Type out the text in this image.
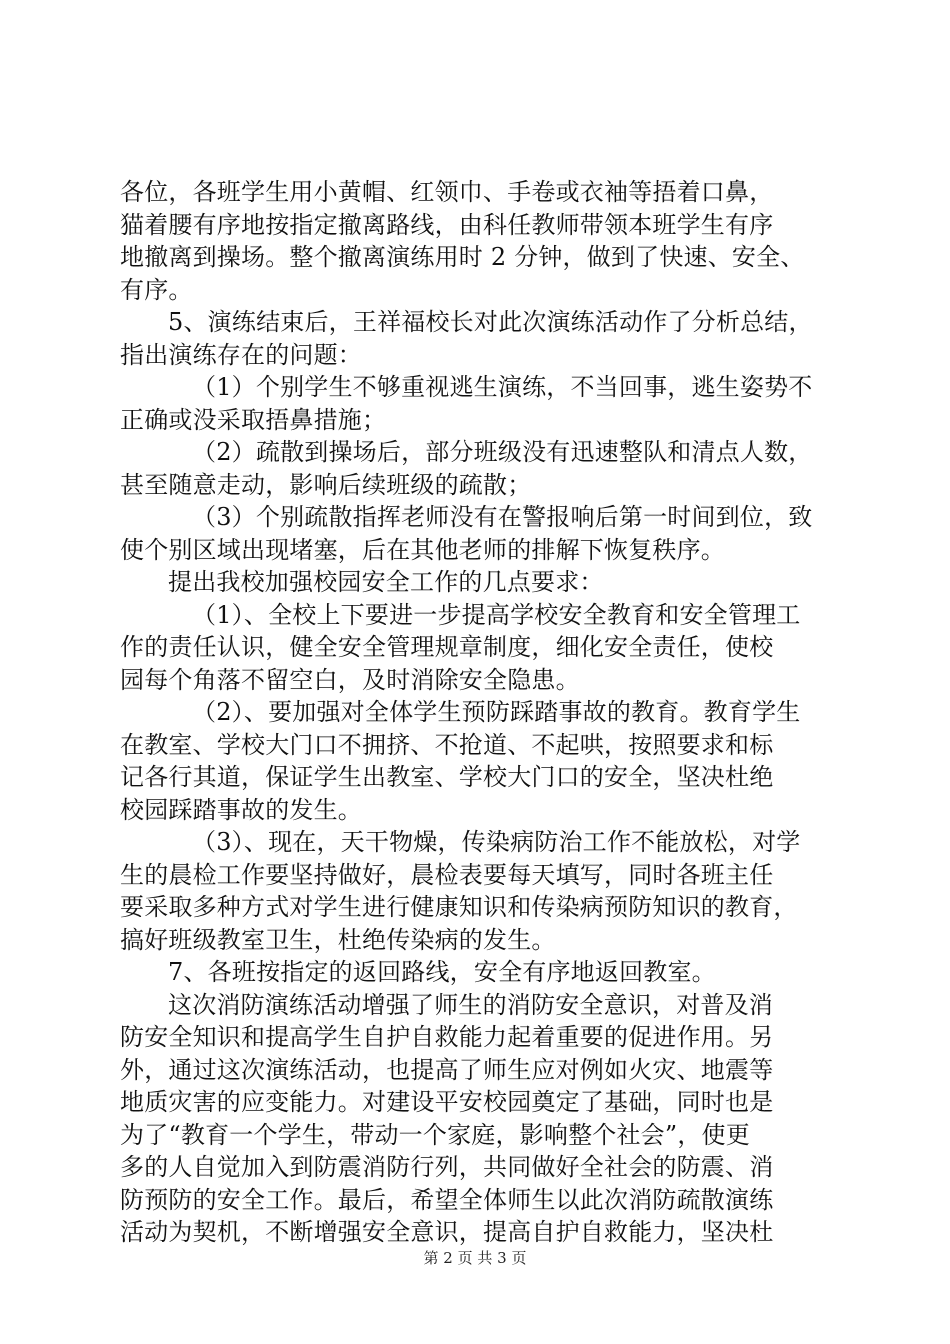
各位，各班学生用小黄帽、红领巾、手卷或衣袖等捂着口鼻，
猫着腰有序地按指定撤离路线，由科任教师带领本班学生有序
地撤离到操场。整个撤离演练用时 2 分钟，做到了快速、安全、
有序。
5、演练结束后，王祥福校长对此次演练活动作了分析总结，
指出演练存在的问题：
（1）个别学生不够重视逃生演练，不当回事，逃生姿势不
正确或没采取捂鼻措施；
（2）疏散到操场后，部分班级没有迅速整队和清点人数，
甚至随意走动，影响后续班级的疏散；
（3）个别疏散指挥老师没有在警报响后第一时间到位，致
使个别区域出现堵塞，后在其他老师的排解下恢复秩序。
提出我校加强校园安全工作的几点要求：
（1）、全校上下要进一步提高学校安全教育和安全管理工
作的责任认识，健全安全管理规章制度，细化安全责任，使校
园每个角落不留空白，及时消除安全隐患。
（2）、要加强对全体学生预防踩踏事故的教育。教育学生
在教室、学校大门口不拥挤、不抢道、不起哄，按照要求和标
记各行其道，保证学生出教室、学校大门口的安全，坚决杜绝
校园踩踏事故的发生。
（3）、现在，天干物燥，传染病防治工作不能放松，对学
生的晨检工作要坚持做好，晨检表要每天填写，同时各班主任
要采取多种方式对学生进行健康知识和传染病预防知识的教育，
搞好班级教室卫生，杜绝传染病的发生。
7、各班按指定的返回路线，安全有序地返回教室。
这次消防演练活动增强了师生的消防安全意识，对普及消
防安全知识和提高学生自护自救能力起着重要的促进作用。另
外，通过这次演练活动，也提高了师生应对例如火灾、地震等
地质灾害的应变能力。对建设平安校园奠定了基础，同时也是
为了“教育一个学生，带动一个家庭，影响整个社会”，使更
多的人自觉加入到防震消防行列，共同做好全社会的防震、消
防预防的安全工作。最后，希望全体师生以此次消防疏散演练
活动为契机，不断增强安全意识，提高自护自救能力，坚决杜
第 2 页 共 3 页
